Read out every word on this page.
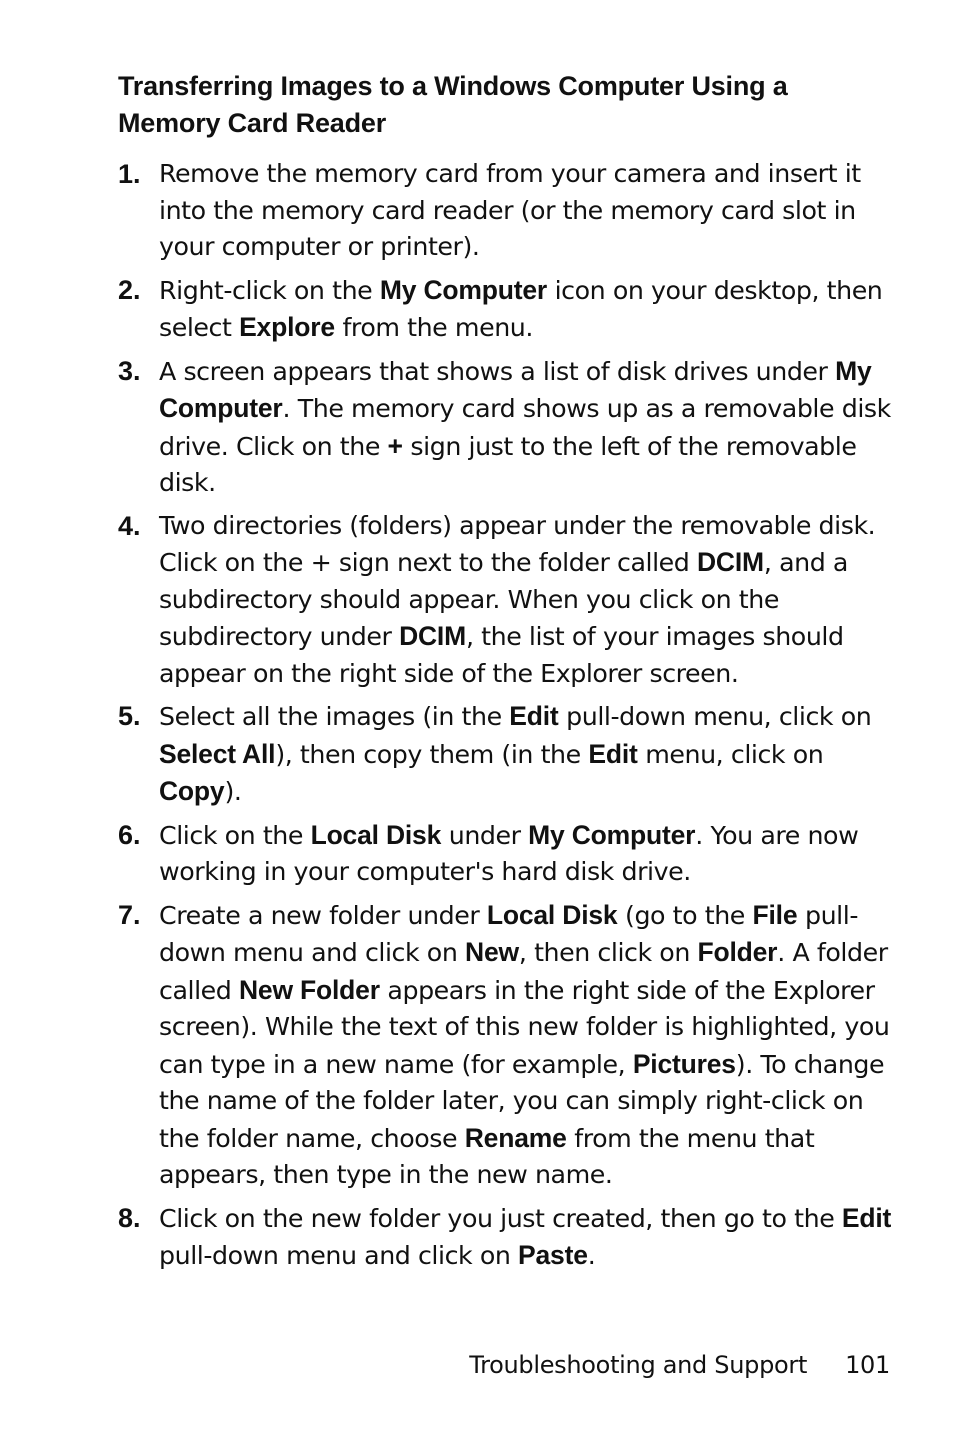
Transferring Images to a Windows Computer Using a Memory Card Reader
1. Remove the memory card from your camera and insert it into the memory card reader (or the memory card slot in your computer or printer).
2. Right-click on the My Computer icon on your desktop, then select Explore from the menu.
3. A screen appears that shows a list of disk drives under My Computer. The memory card shows up as a removable disk drive. Click on the + sign just to the left of the removable disk.
4. Two directories (folders) appear under the removable disk. Click on the + sign next to the folder called DCIM, and a subdirectory should appear. When you click on the subdirectory under DCIM, the list of your images should appear on the right side of the Explorer screen.
5. Select all the images (in the Edit pull-down menu, click on Select All), then copy them (in the Edit menu, click on Copy).
6. Click on the Local Disk under My Computer. You are now working in your computer's hard disk drive.
7. Create a new folder under Local Disk (go to the File pull-down menu and click on New, then click on Folder. A folder called New Folder appears in the right side of the Explorer screen). While the text of this new folder is highlighted, you can type in a new name (for example, Pictures). To change the name of the folder later, you can simply right-click on the folder name, choose Rename from the menu that appears, then type in the new name.
8. Click on the new folder you just created, then go to the Edit pull-down menu and click on Paste.
Troubleshooting and Support 101
